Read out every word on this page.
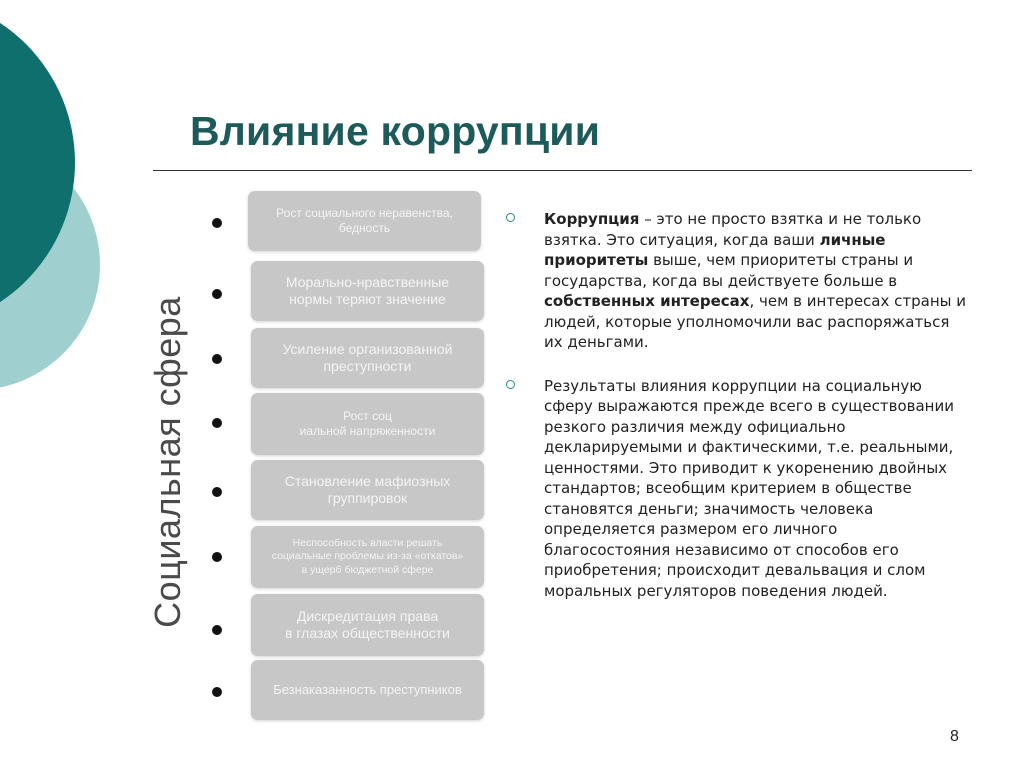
Влияние коррупции
Социальная сфера
Рост социального неравенства,
бедность
Морально-нравственные
нормы теряют значение
Усиление организованной
преступности
Рост соц
иальной напряженности
Становление мафиозных
группировок
Неспособность власти решать
социальные проблемы из-за «откатов»
в ущерб бюджетной сфере
Дискредитация права
в глазах общественности
Безнаказанность преступников

Коррупция – это не просто взятка и не только взятка. Это ситуация, когда ваши личные приоритеты выше, чем приоритеты страны и государства, когда вы действуете больше в собственных интересах, чем в интересах страны и людей, которые уполномочили вас распоряжаться их деньгами.

Результаты влияния коррупции на социальную сферу выражаются прежде всего в существовании резкого различия между официально декларируемыми и фактическими, т.е. реальными, ценностями. Это приводит к укоренению двойных стандартов; всеобщим критерием в обществе становятся деньги; значимость человека определяется размером его личного благосостояния независимо от способов его приобретения; происходит девальвация и слом моральных регуляторов поведения людей.

8
